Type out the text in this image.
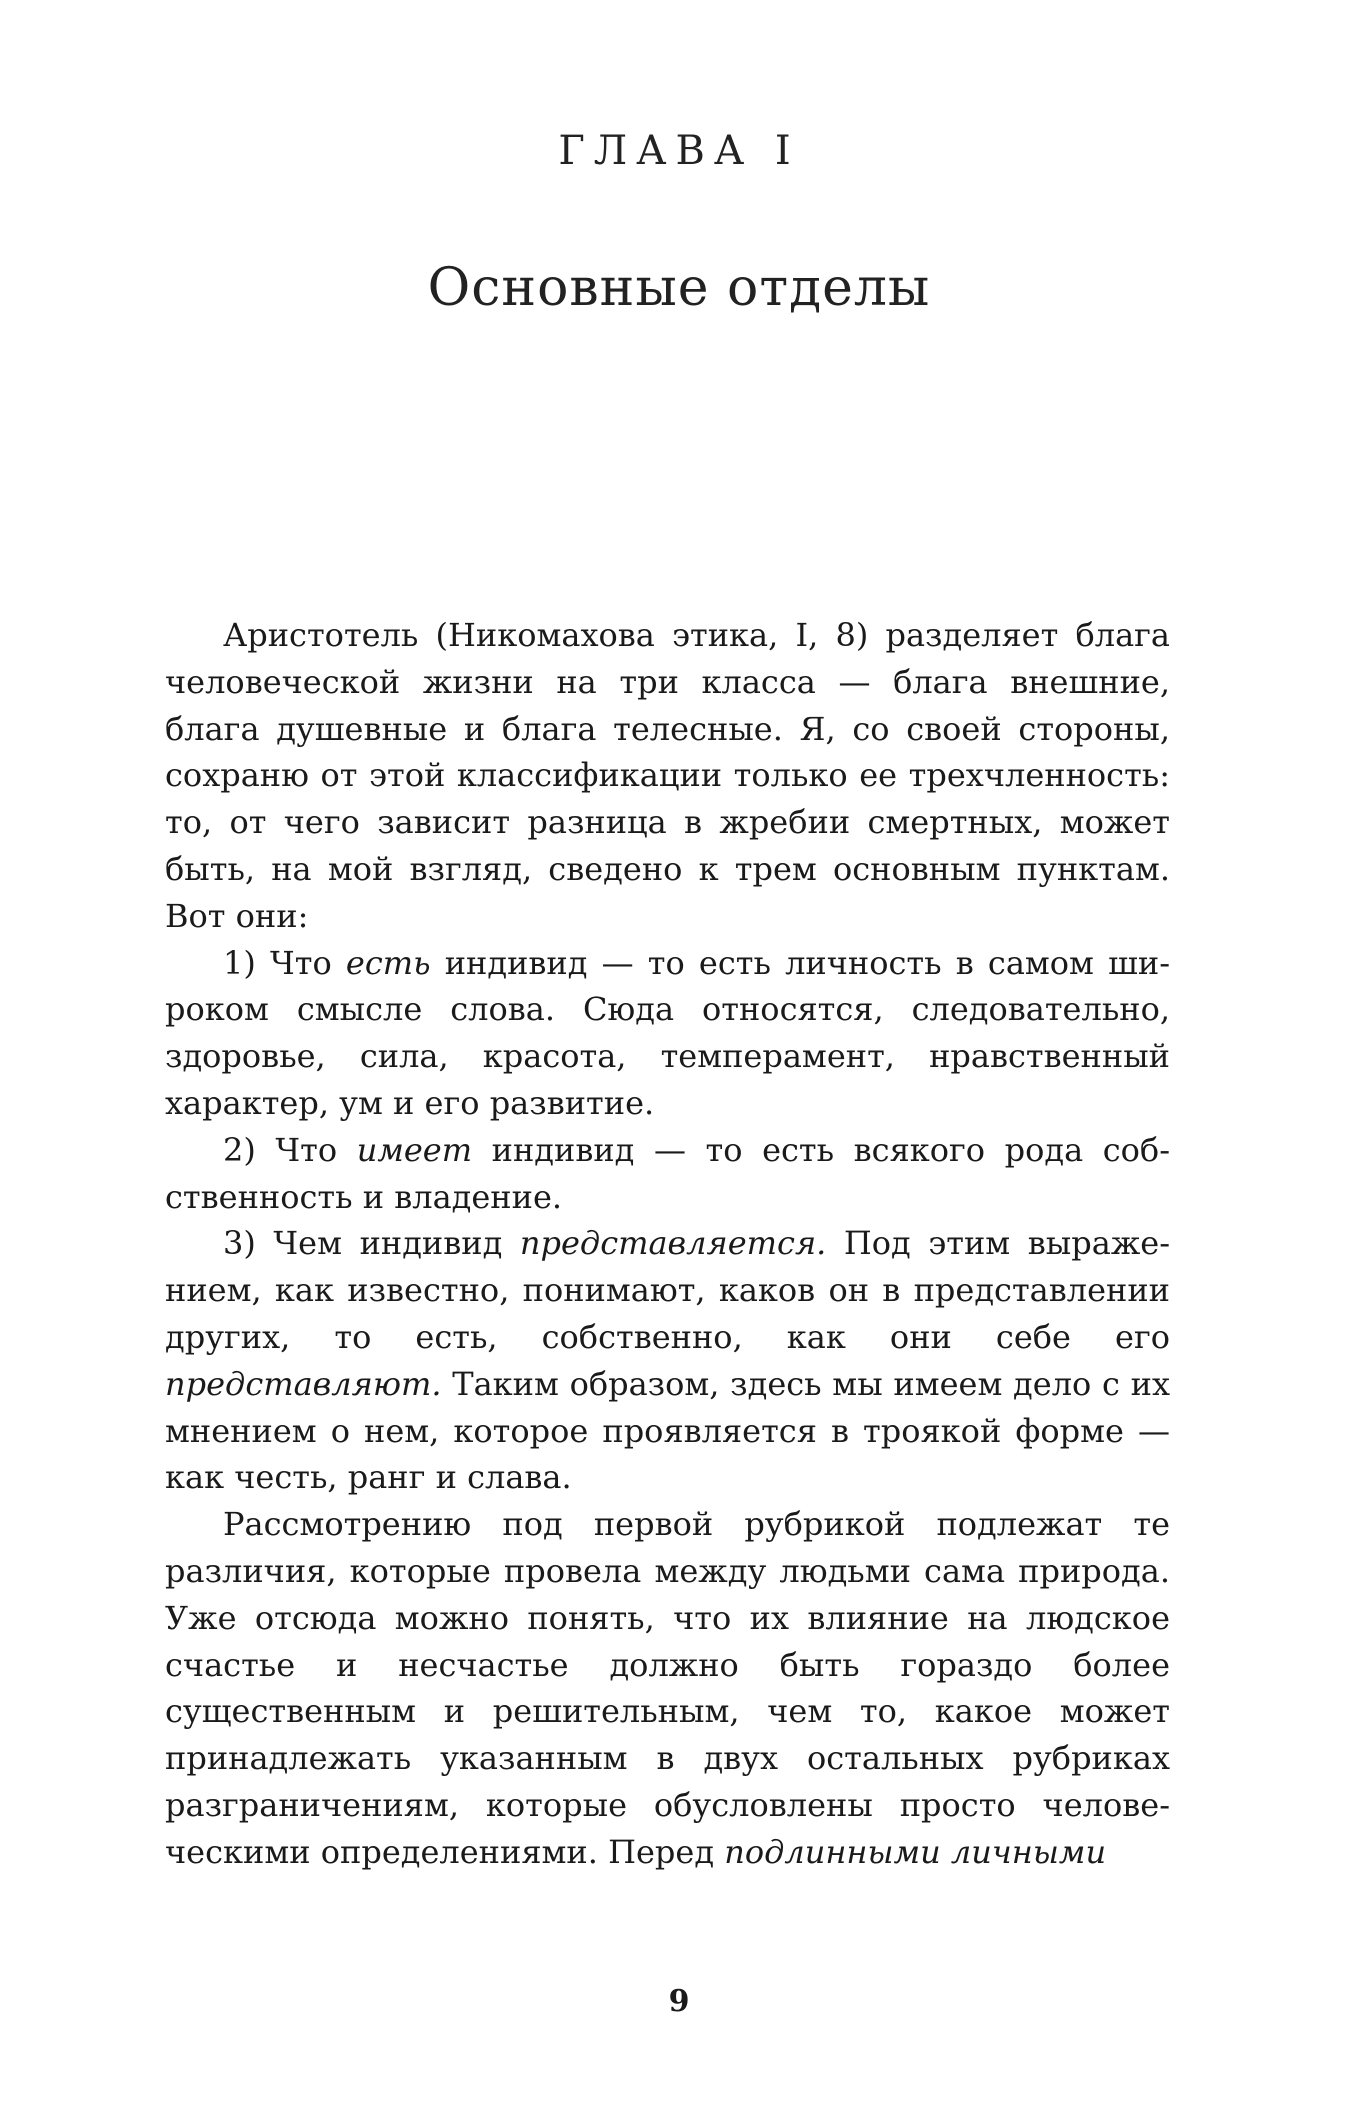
ГЛАВА I
Основные отделы

Аристотель (Никомахова этика, I, 8) разделяет блага человеческой жизни на три класса — блага внешние, блага душевные и блага телесные. Я, со своей стороны, сохраню от этой классификации только ее трехчленность: то, от чего зависит разница в жребии смертных, может быть, на мой взгляд, сведено к трем основным пунктам. Вот они:

1) Что есть индивид — то есть личность в самом широком смысле слова. Сюда относятся, следовательно, здоровье, сила, красота, темперамент, нравственный характер, ум и его развитие.

2) Что имеет индивид — то есть всякого рода собственность и владение.

3) Чем индивид представляется. Под этим выражением, как известно, понимают, каков он в представлении других, то есть, собственно, как они себе его представляют. Таким образом, здесь мы имеем дело с их мнением о нем, которое проявляется в троякой форме — как честь, ранг и слава.

Рассмотрению под первой рубрикой подлежат те различия, которые провела между людьми сама природа. Уже отсюда можно понять, что их влияние на людское счастье и несчастье должно быть гораздо более существенным и решительным, чем то, какое может принадлежать указанным в двух остальных рубриках разграничениям, которые обусловлены просто человеческими определениями. Перед подлинными личными

9
